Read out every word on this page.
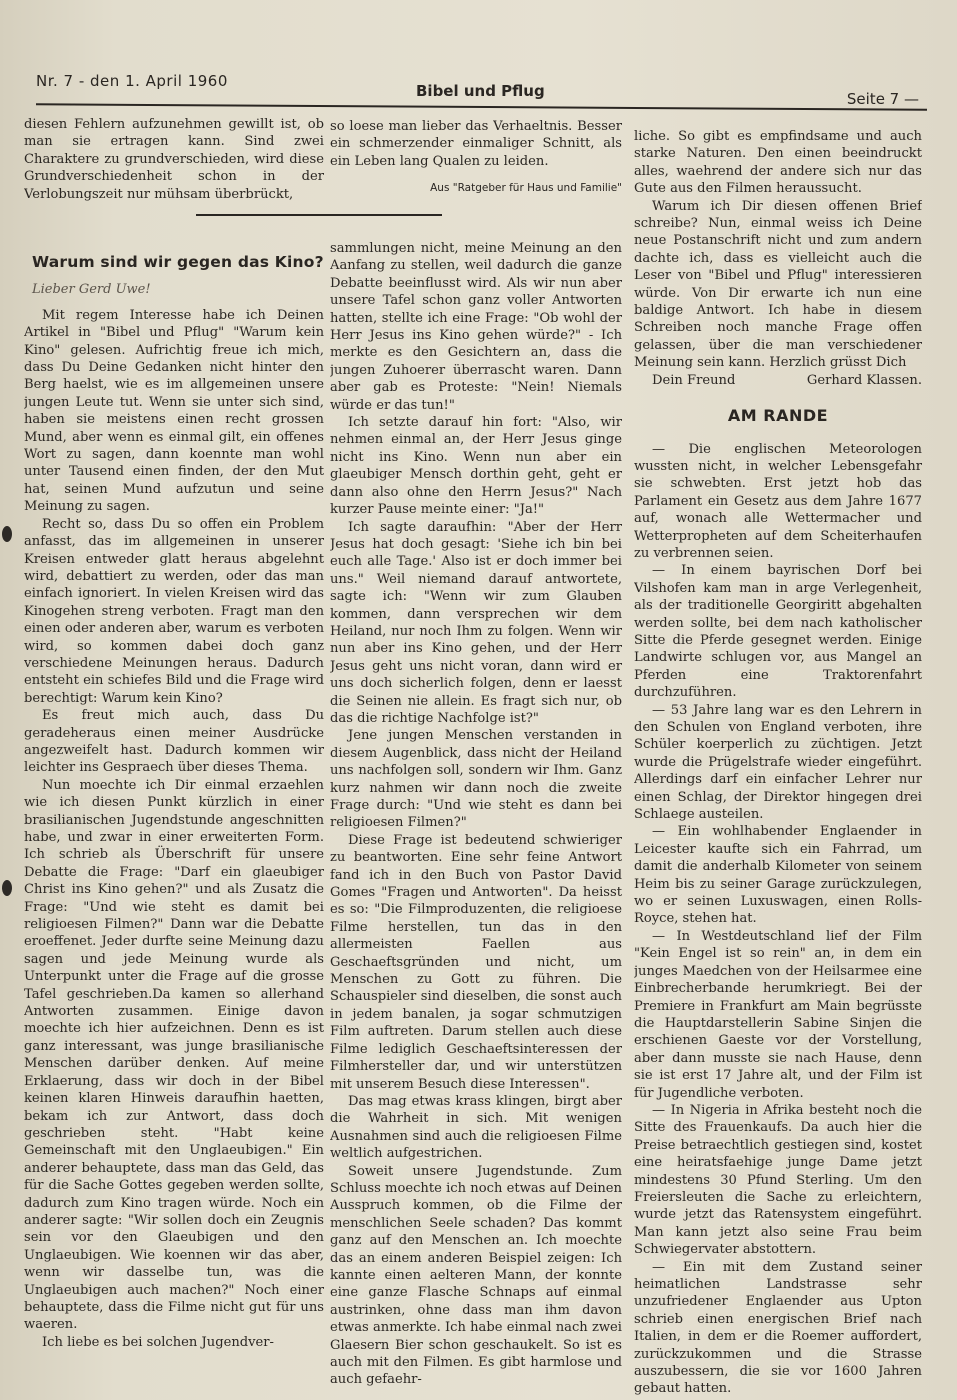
Nr. 7 - den 1. April 1960
Bibel und Pflug	Seite 7 —

diesen Fehlern aufzunehmen gewillt ist, ob man sie ertragen kann. Sind zwei Charaktere zu grundverschieden, wird diese Grundverschiedenheit schon in der Verlobungszeit nur mühsam überbrückt,

so loese man lieber das Verhaeltnis. Besser ein schmerzender einmaliger Schnitt, als ein Leben lang Qualen zu leiden.

Aus "Ratgeber für Haus und Familie"
Warum sind wir gegen das Kino?
Lieber Gerd Uwe!

Mit regem Interesse habe ich Deinen Artikel in "Bibel und Pflug" "Warum kein Kino" gelesen. Aufrichtig freue ich mich, dass Du Deine Gedanken nicht hinter den Berg haelst, wie es im allgemeinen unsere jungen Leute tut. Wenn sie unter sich sind, haben sie meistens einen recht grossen Mund, aber wenn es einmal gilt, ein offenes Wort zu sagen, dann koennte man wohl unter Tausend einen finden, der den Mut hat, seinen Mund aufzutun und seine Meinung zu sagen.

Recht so, dass Du so offen ein Problem anfasst, das im allgemeinen in unserer Kreisen entweder glatt heraus abgelehnt wird, debattiert zu werden, oder das man einfach ignoriert. In vielen Kreisen wird das Kinogehen streng verboten. Fragt man den einen oder anderen aber, warum es verboten wird, so kommen dabei doch ganz verschiedene Meinungen heraus. Dadurch entsteht ein schiefes Bild und die Frage wird berechtigt: Warum kein Kino?

Es freut mich auch, dass Du geradeheraus einen meiner Ausdrücke angezweifelt hast. Dadurch kommen wir leichter ins Gespraech über dieses Thema.

Nun moechte ich Dir einmal erzaehlen wie ich diesen Punkt kürzlich in einer brasilianischen Jugendstunde angeschnitten habe, und zwar in einer erweiterten Form. Ich schrieb als Überschrift für unsere Debatte die Frage: "Darf ein glaeubiger Christ ins Kino gehen?" und als Zusatz die Frage: "Und wie steht es damit bei religioesen Filmen?" Dann war die Debatte eroeffenet. Jeder durfte seine Meinung dazu sagen und jede Meinung wurde als Unterpunkt unter die Frage auf die grosse Tafel geschrieben.Da kamen so allerhand Antworten zusammen. Einige davon moechte ich hier aufzeichnen. Denn es ist ganz interessant, was junge brasilianische Menschen darüber denken. Auf meine Erklaerung, dass wir doch in der Bibel keinen klaren Hinweis daraufhin haetten, bekam ich zur Antwort, dass doch geschrieben steht. "Habt keine Gemeinschaft mit den Unglaeubigen." Ein anderer behauptete, dass man das Geld, das für die Sache Gottes gegeben werden sollte, dadurch zum Kino tragen würde. Noch ein anderer sagte: "Wir sollen doch ein Zeugnis sein vor den Glaeubigen und den Unglaeubigen. Wie koennen wir das aber, wenn wir dasselbe tun, was die Unglaeubigen auch machen?" Noch einer behauptete, dass die Filme nicht gut für uns waeren.

Ich liebe es bei solchen Jugendver-

sammlungen nicht, meine Meinung an den Aanfang zu stellen, weil dadurch die ganze Debatte beeinflusst wird. Als wir nun aber unsere Tafel schon ganz voller Antworten hatten, stellte ich eine Frage: "Ob wohl der Herr Jesus ins Kino gehen würde?" - Ich merkte es den Gesichtern an, dass die jungen Zuhoerer überrascht waren. Dann aber gab es Proteste: "Nein! Niemals würde er das tun!"

Ich setzte darauf hin fort: "Also, wir nehmen einmal an, der Herr Jesus ginge nicht ins Kino. Wenn nun aber ein glaeubiger Mensch dorthin geht, geht er dann also ohne den Herrn Jesus?" Nach kurzer Pause meinte einer: "Ja!"

Ich sagte daraufhin: "Aber der Herr Jesus hat doch gesagt: 'Siehe ich bin bei euch alle Tage.' Also ist er doch immer bei uns." Weil niemand darauf antwortete, sagte ich: "Wenn wir zum Glauben kommen, dann versprechen wir dem Heiland, nur noch Ihm zu folgen. Wenn wir nun aber ins Kino gehen, und der Herr Jesus geht uns nicht voran, dann wird er uns doch sicherlich folgen, denn er laesst die Seinen nie allein. Es fragt sich nur, ob das die richtige Nachfolge ist?"

Jene jungen Menschen verstanden in diesem Augenblick, dass nicht der Heiland uns nachfolgen soll, sondern wir Ihm. Ganz kurz nahmen wir dann noch die zweite Frage durch: "Und wie steht es dann bei religioesen Filmen?"

Diese Frage ist bedeutend schwieriger zu beantworten. Eine sehr feine Antwort fand ich in den Buch von Pastor David Gomes "Fragen und Antworten". Da heisst es so: "Die Filmproduzenten, die religioese Filme herstellen, tun das in den allermeisten Faellen aus Geschaeftsgründen und nicht, um Menschen zu Gott zu führen. Die Schauspieler sind dieselben, die sonst auch in jedem banalen, ja sogar schmutzigen Film auftreten. Darum stellen auch diese Filme lediglich Geschaeftsinteressen der Filmhersteller dar, und wir unterstützen mit unserem Besuch diese Interessen".

Das mag etwas krass klingen, birgt aber die Wahrheit in sich. Mit wenigen Ausnahmen sind auch die religioesen Filme weltlich aufgestrichen.

Soweit unsere Jugendstunde. Zum Schluss moechte ich noch etwas auf Deinen Ausspruch kommen, ob die Filme der menschlichen Seele schaden? Das kommt ganz auf den Menschen an. Ich moechte das an einem anderen Beispiel zeigen: Ich kannte einen aelteren Mann, der konnte eine ganze Flasche Schnaps auf einmal austrinken, ohne dass man ihm davon etwas anmerkte. Ich habe einmal nach zwei Glaesern Bier schon geschaukelt. So ist es auch mit den Filmen. Es gibt harmlose und auch gefaehr-

liche. So gibt es empfindsame und auch starke Naturen. Den einen beeindruckt alles, waehrend der andere sich nur das Gute aus den Filmen heraussucht.

Warum ich Dir diesen offenen Brief schreibe? Nun, einmal weiss ich Deine neue Postanschrift nicht und zum andern dachte ich, dass es vielleicht auch die Leser von "Bibel und Pflug" interessieren würde. Von Dir erwarte ich nun eine baldige Antwort. Ich habe in diesem Schreiben noch manche Frage offen gelassen, über die man verschiedener Meinung sein kann. Herzlich grüsst Dich

Dein Freund	Gerhard Klassen.

AM RANDE

— Die englischen Meteorologen wussten nicht, in welcher Lebensgefahr sie schwebten. Erst jetzt hob das Parlament ein Gesetz aus dem Jahre 1677 auf, wonach alle Wettermacher und Wetterpropheten auf dem Scheiterhaufen zu verbrennen seien.

— In einem bayrischen Dorf bei Vilshofen kam man in arge Verlegenheit, als der traditionelle Georgiritt abgehalten werden sollte, bei dem nach katholischer Sitte die Pferde gesegnet werden. Einige Landwirte schlugen vor, aus Mangel an Pferden eine Traktorenfahrt durchzuführen.

— 53 Jahre lang war es den Lehrern in den Schulen von England verboten, ihre Schüler koerperlich zu züchtigen. Jetzt wurde die Prügelstrafe wieder eingeführt. Allerdings darf ein einfacher Lehrer nur einen Schlag, der Direktor hingegen drei Schlaege austeilen.

— Ein wohlhabender Englaender in Leicester kaufte sich ein Fahrrad, um damit die anderhalb Kilometer von seinem Heim bis zu seiner Garage zurückzulegen, wo er seinen Luxuswagen, einen Rolls-Royce, stehen hat.

— In Westdeutschland lief der Film "Kein Engel ist so rein" an, in dem ein junges Maedchen von der Heilsarmee eine Einbrecherbande herumkriegt. Bei der Premiere in Frankfurt am Main begrüsste die Hauptdarstellerin Sabine Sinjen die erschienen Gaeste vor der Vorstellung, aber dann musste sie nach Hause, denn sie ist erst 17 Jahre alt, und der Film ist für Jugendliche verboten.

— In Nigeria in Afrika besteht noch die Sitte des Frauenkaufs. Da auch hier die Preise betraechtlich gestiegen sind, kostet eine heiratsfaehige junge Dame jetzt mindestens 30 Pfund Sterling. Um den Freiersleuten die Sache zu erleichtern, wurde jetzt das Ratensystem eingeführt. Man kann jetzt also seine Frau beim Schwiegervater abstottern.

— Ein mit dem Zustand seiner heimatlichen Landstrasse sehr unzufriedener Englaender aus Upton schrieb einen energischen Brief nach Italien, in dem er die Roemer auffordert, zurückzukommen und die Strasse auszubessern, die sie vor 1600 Jahren gebaut hatten.
